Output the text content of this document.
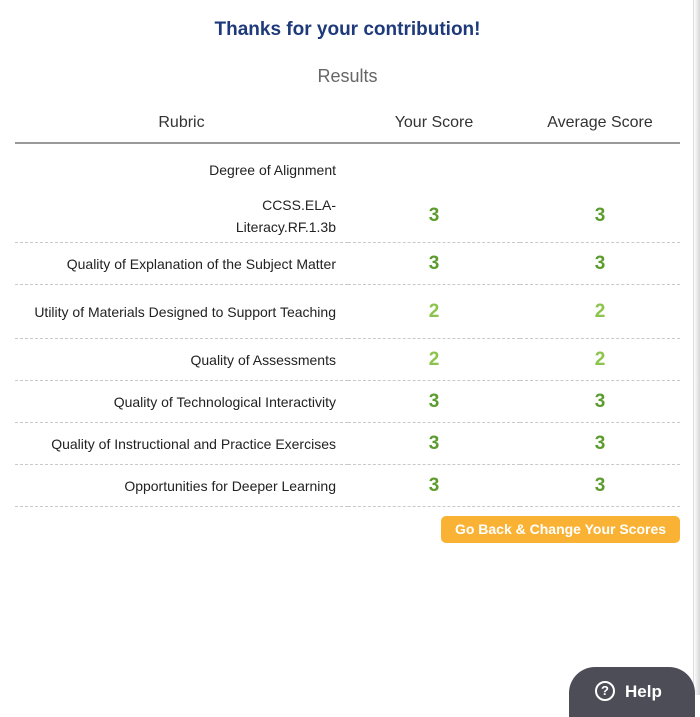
Thanks for your contribution!
Results
Rubric	Your Score	Average Score
Degree of Alignment		
CCSS.ELA-
Literacy.RF.1.3b	3	3
Quality of Explanation of the Subject Matter	3	3
Utility of Materials Designed to Support Teaching	2	2
Quality of Assessments	2	2
Quality of Technological Interactivity	3	3
Quality of Instructional and Practice Exercises	3	3
Opportunities for Deeper Learning	3	3
Go Back & Change Your Scores
? Help
